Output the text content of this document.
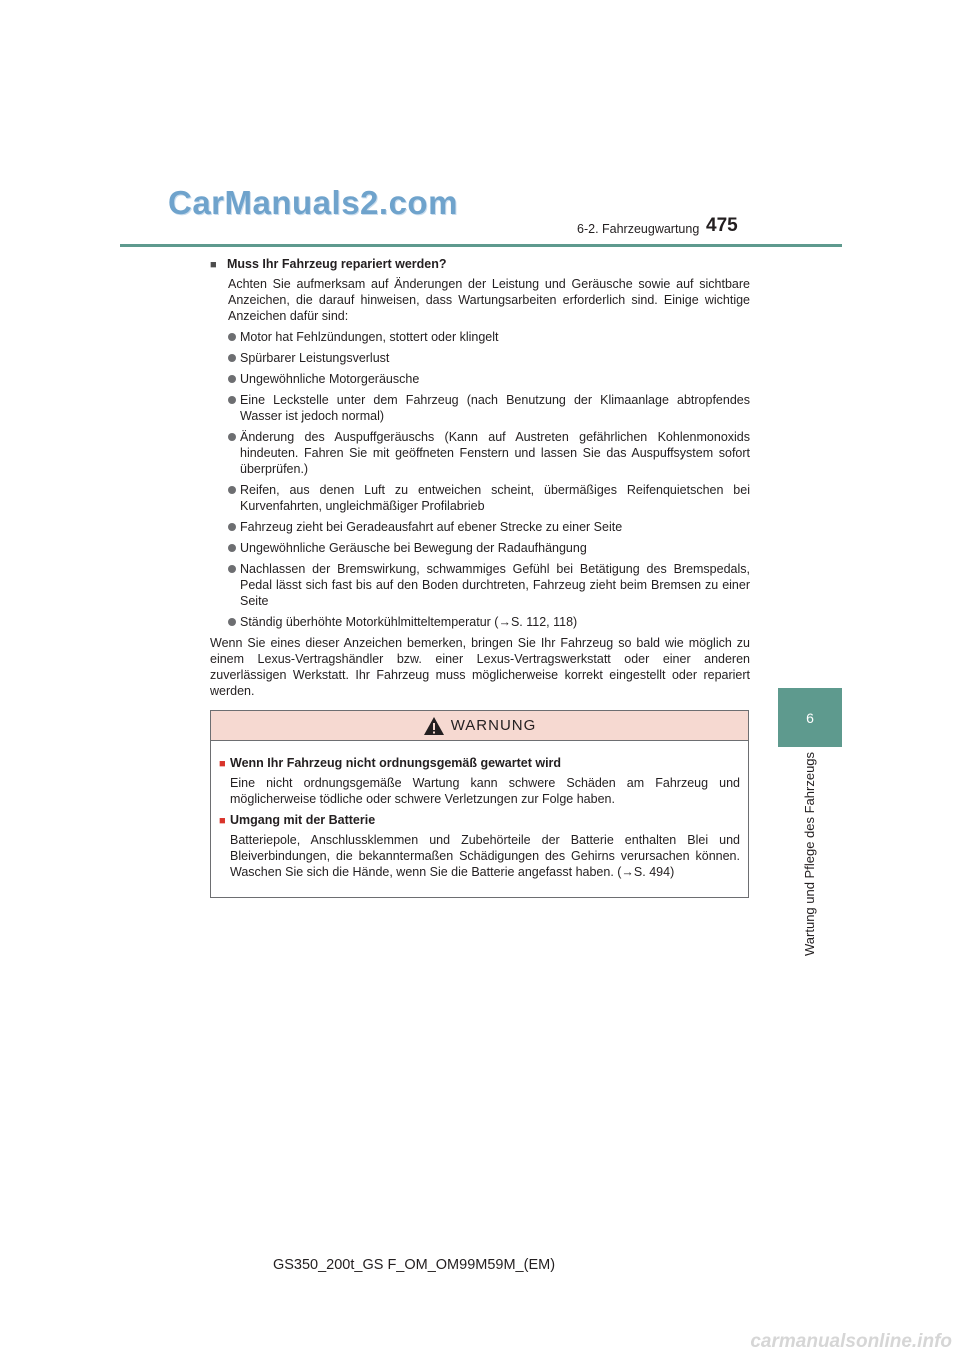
CarManuals2.com
6-2. Fahrzeugwartung 475
6
Wartung und Pflege des Fahrzeugs
■ Muss Ihr Fahrzeug repariert werden?
Achten Sie aufmerksam auf Änderungen der Leistung und Geräusche sowie auf sichtbare Anzeichen, die darauf hinweisen, dass Wartungsarbeiten erforderlich sind. Einige wichtige Anzeichen dafür sind:
Motor hat Fehlzündungen, stottert oder klingelt
Spürbarer Leistungsverlust
Ungewöhnliche Motorgeräusche
Eine Leckstelle unter dem Fahrzeug (nach Benutzung der Klimaanlage abtropfendes Wasser ist jedoch normal)
Änderung des Auspuffgeräuschs (Kann auf Austreten gefährlichen Kohlenmonoxids hindeuten. Fahren Sie mit geöffneten Fenstern und lassen Sie das Auspuffsystem sofort überprüfen.)
Reifen, aus denen Luft zu entweichen scheint, übermäßiges Reifenquietschen bei Kurvenfahrten, ungleichmäßiger Profilabrieb
Fahrzeug zieht bei Geradeausfahrt auf ebener Strecke zu einer Seite
Ungewöhnliche Geräusche bei Bewegung der Radaufhängung
Nachlassen der Bremswirkung, schwammiges Gefühl bei Betätigung des Bremspedals, Pedal lässt sich fast bis auf den Boden durchtreten, Fahrzeug zieht beim Bremsen zu einer Seite
Ständig überhöhte Motorkühlmitteltemperatur (→S. 112, 118)
Wenn Sie eines dieser Anzeichen bemerken, bringen Sie Ihr Fahrzeug so bald wie möglich zu einem Lexus-Vertragshändler bzw. einer Lexus-Vertragswerkstatt oder einer anderen zuverlässigen Werkstatt. Ihr Fahrzeug muss möglicherweise korrekt eingestellt oder repariert werden.
WARNUNG
■ Wenn Ihr Fahrzeug nicht ordnungsgemäß gewartet wird
Eine nicht ordnungsgemäße Wartung kann schwere Schäden am Fahrzeug und möglicherweise tödliche oder schwere Verletzungen zur Folge haben.
■ Umgang mit der Batterie
Batteriepole, Anschlussklemmen und Zubehörteile der Batterie enthalten Blei und Bleiverbindungen, die bekanntermaßen Schädigungen des Gehirns verursachen können. Waschen Sie sich die Hände, wenn Sie die Batterie angefasst haben. (→S. 494)
GS350_200t_GS F_OM_OM99M59M_(EM)
carmanualsonline.info
